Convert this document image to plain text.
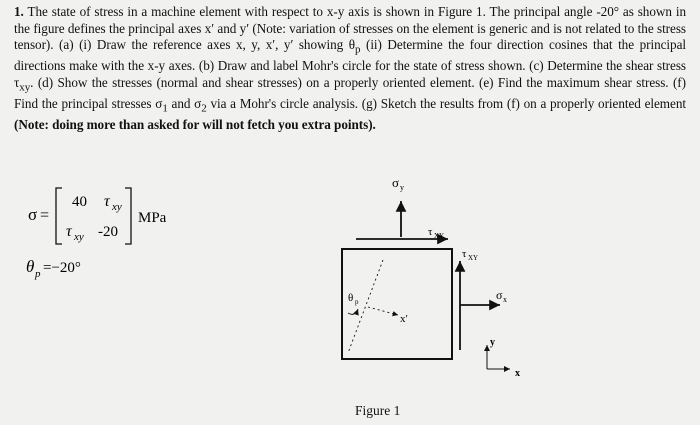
1. The state of stress in a machine element with respect to x-y axis is shown in Figure 1. The principal angle -20° as shown in the figure defines the principal axes x′ and y′ (Note: variation of stresses on the element is generic and is not related to the stress tensor). (a) (i) Draw the reference axes x, y, x′, y′ showing $\theta_p$ (ii) Determine the four direction cosines that the principal directions make with the x-y axes. (b) Draw and label Mohr's circle for the state of stress shown. (c) Determine the shear stress $\tau_{xy}$. (d) Show the stresses (normal and shear stresses) on a properly oriented element. (e) Find the maximum shear stress. (f) Find the principal stresses $\sigma_1$ and $\sigma_2$ via a Mohr's circle analysis. (g) Sketch the results from (f) on a properly oriented element (Note: doing more than asked for will not fetch you extra points).
σ =
40 τ xy
τ xy -20
MPa
θ p =−20°
σ y
τ XY
τ XY
σ x
θ p
x′
y
x
Figure 1
